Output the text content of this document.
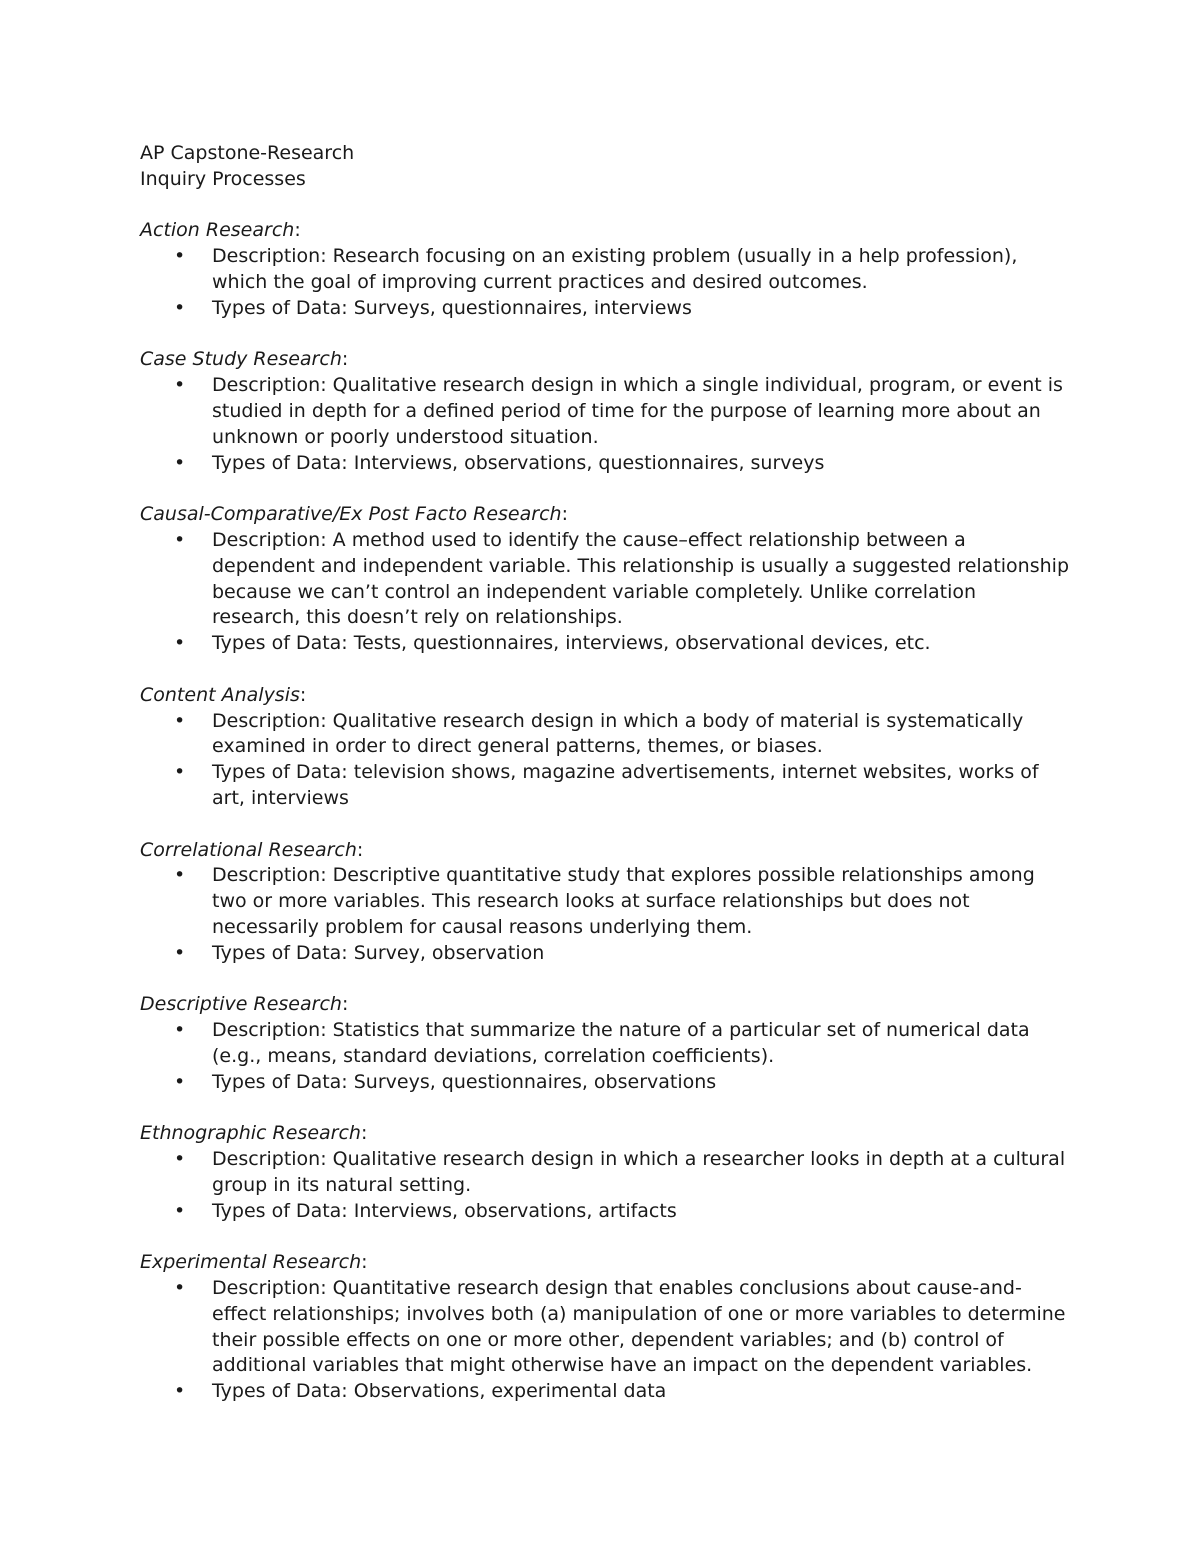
AP Capstone-Research
Inquiry Processes
Action Research:
• Description: Research focusing on an existing problem (usually in a help profession), which the goal of improving current practices and desired outcomes.
• Types of Data: Surveys, questionnaires, interviews
Case Study Research:
• Description: Qualitative research design in which a single individual, program, or event is studied in depth for a defined period of time for the purpose of learning more about an unknown or poorly understood situation.
• Types of Data: Interviews, observations, questionnaires, surveys
Causal-Comparative/Ex Post Facto Research:
• Description: A method used to identify the cause–effect relationship between a dependent and independent variable. This relationship is usually a suggested relationship because we can’t control an independent variable completely. Unlike correlation research, this doesn’t rely on relationships.
• Types of Data: Tests, questionnaires, interviews, observational devices, etc.
Content Analysis:
• Description: Qualitative research design in which a body of material is systematically examined in order to direct general patterns, themes, or biases.
• Types of Data: television shows, magazine advertisements, internet websites, works of art, interviews
Correlational Research:
• Description: Descriptive quantitative study that explores possible relationships among two or more variables. This research looks at surface relationships but does not necessarily problem for causal reasons underlying them.
• Types of Data: Survey, observation
Descriptive Research:
• Description: Statistics that summarize the nature of a particular set of numerical data (e.g., means, standard deviations, correlation coefficients).
• Types of Data: Surveys, questionnaires, observations
Ethnographic Research:
• Description: Qualitative research design in which a researcher looks in depth at a cultural group in its natural setting.
• Types of Data: Interviews, observations, artifacts
Experimental Research:
• Description: Quantitative research design that enables conclusions about cause-and-effect relationships; involves both (a) manipulation of one or more variables to determine their possible effects on one or more other, dependent variables; and (b) control of additional variables that might otherwise have an impact on the dependent variables.
• Types of Data: Observations, experimental data
